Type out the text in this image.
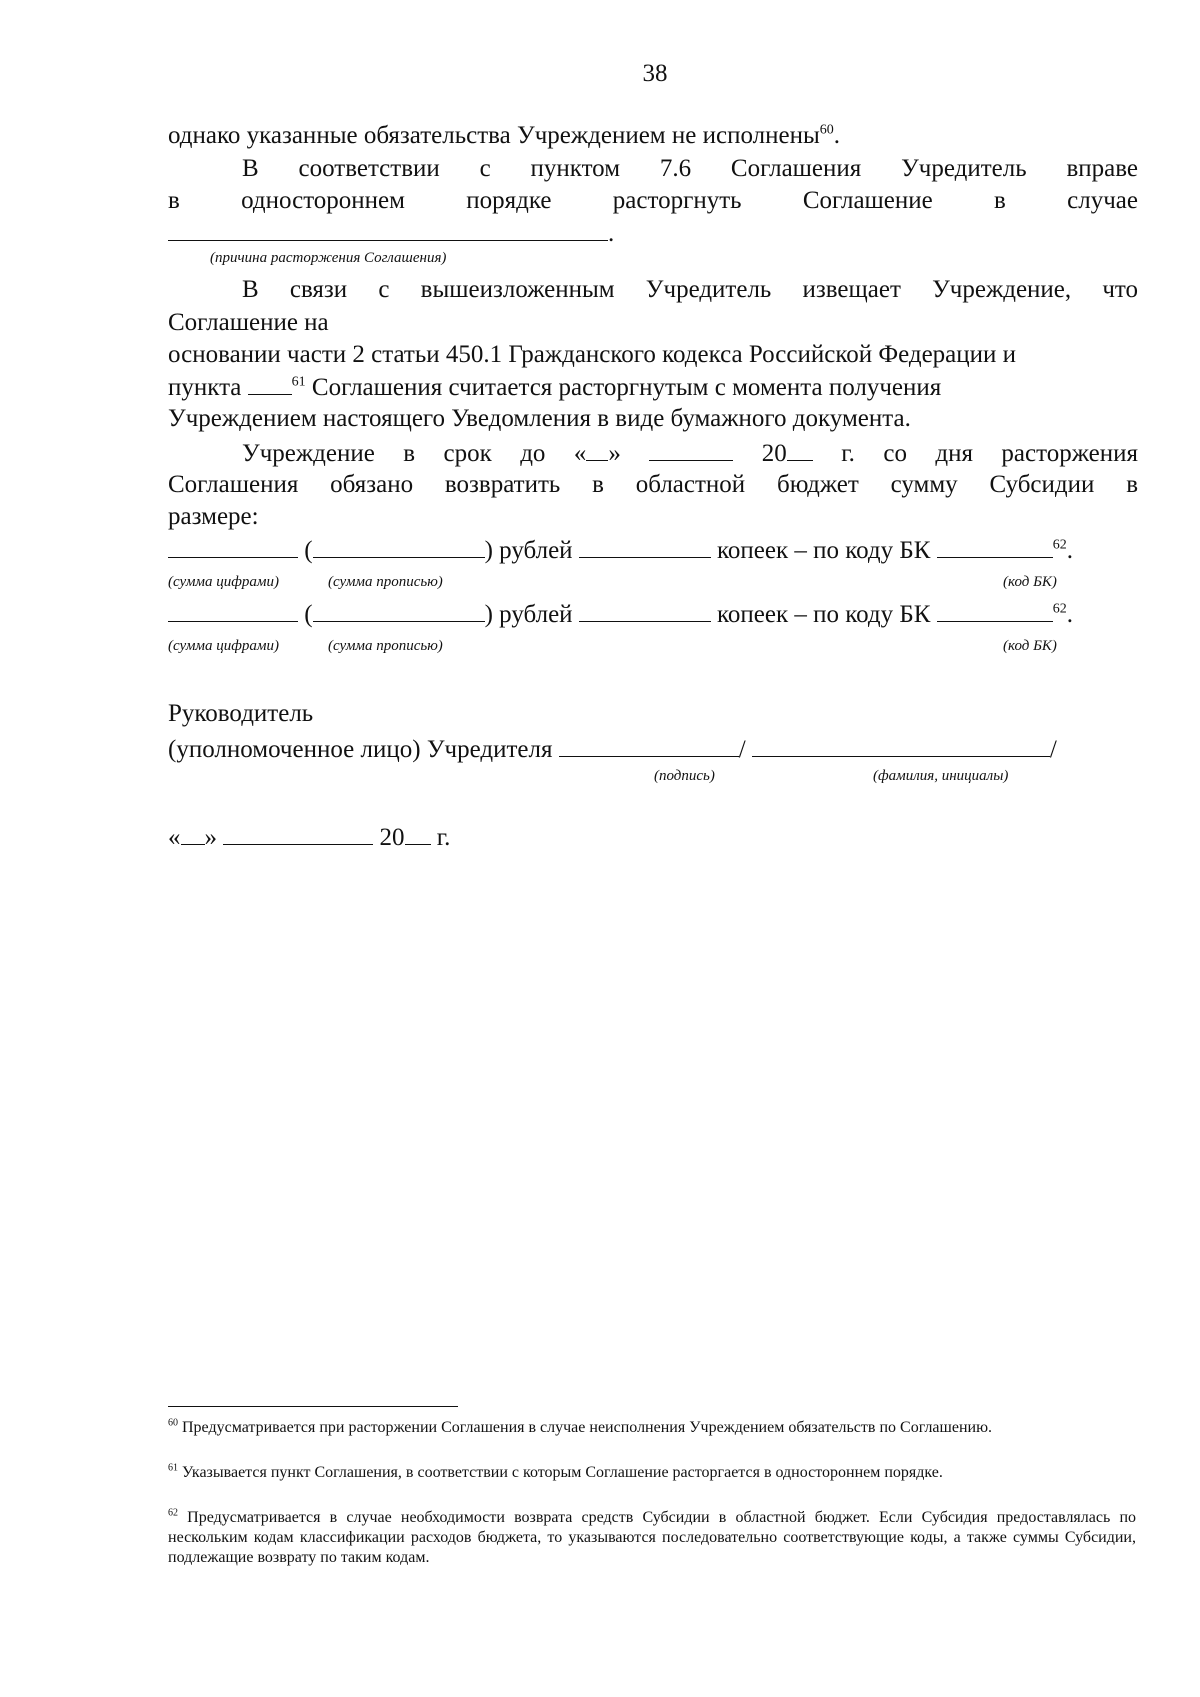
38
однако указанные обязательства Учреждением не исполнены$^{60}$.
В соответствии с пунктом 7.6 Соглашения Учредитель вправе
в одностороннем порядке расторгнуть Соглашение в случае
.
(причина расторжения Соглашения)
В связи с вышеизложенным Учредитель извещает Учреждение, что
Соглашение на
основании части 2 статьи 450.1 Гражданского кодекса Российской Федерации и
пункта	$^{61}$ Соглашения считается расторгнутым с момента получения
Учреждением настоящего Уведомления в виде бумажного документа.
Учреждение в срок до « »	20 г. со дня расторжения
Соглашения обязано возвратить в областной бюджет сумму Субсидии в
размере:
(	) рублей	копеек – по коду БК	$^{62}$.
(сумма цифрами)	(сумма прописью)	(код БК)
(	) рублей	копеек – по коду БК	$^{62}$.
(сумма цифрами)	(сумма прописью)	(код БК)
Руководитель
(уполномоченное лицо) Учредителя	/	/
(подпись)	(фамилия, инициалы)
« »	20 г.
$^{60}$ Предусматривается при расторжении Соглашения в случае неисполнения Учреждением обязательств по Соглашению.
$^{61}$ Указывается пункт Соглашения, в соответствии с которым Соглашение расторгается в одностороннем порядке.
$^{62}$ Предусматривается в случае необходимости возврата средств Субсидии в областной бюджет. Если Субсидия предоставлялась по нескольким кодам классификации расходов бюджета, то указываются последовательно соответствующие коды, а также суммы Субсидии, подлежащие возврату по таким кодам.
